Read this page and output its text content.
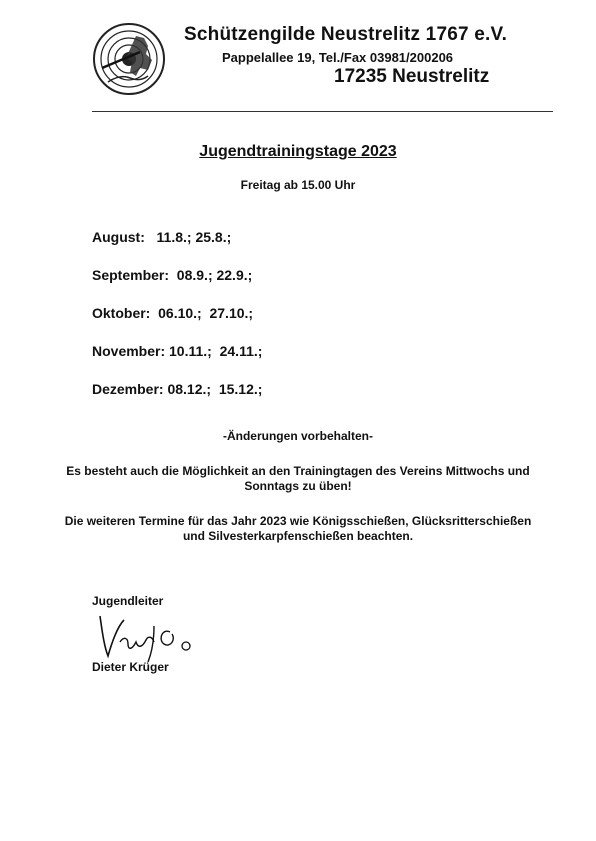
Schützengilde Neustrelitz 1767 e.V.
Pappelallee 19, Tel./Fax 03981/200206
17235 Neustrelitz
Jugendtrainingstage 2023
Freitag ab 15.00 Uhr
August:   11.8.; 25.8.;
September:  08.9.; 22.9.;
Oktober:  06.10.;  27.10.;
November: 10.11.;  24.11.;
Dezember: 08.12.;  15.12.;
-Änderungen vorbehalten-
Es besteht auch die Möglichkeit an den Trainingtagen des Vereins Mittwochs und Sonntags zu üben!
Die weiteren Termine für das Jahr 2023 wie Königsschießen, Glücksritterschießen und Silvesterkarpfenschießen beachten.
Jugendleiter
Dieter Krüger
